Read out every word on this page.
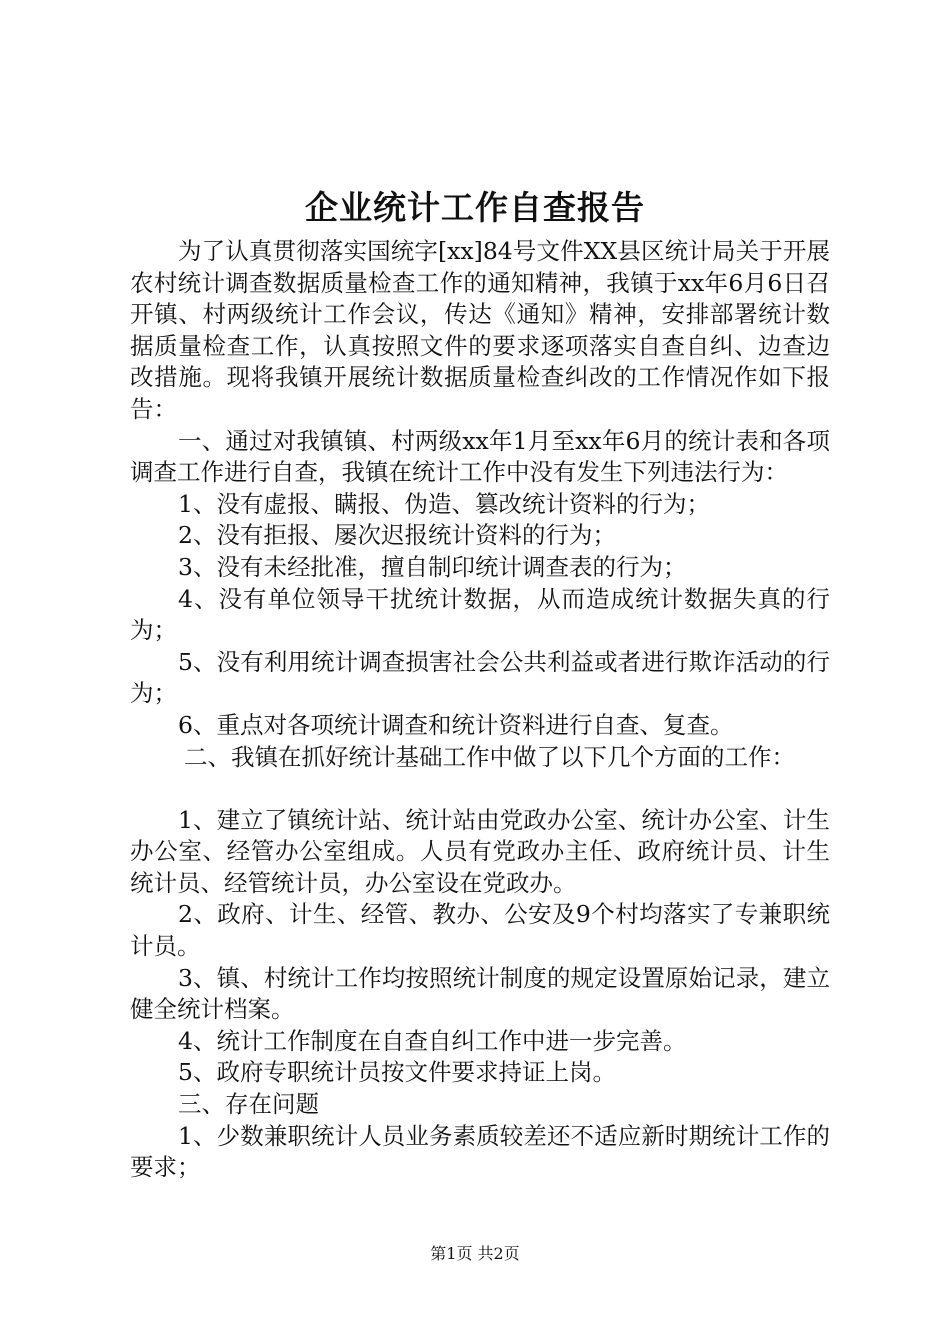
企业统计工作自查报告

为了认真贯彻落实国统字[xx]84号文件XX县区统计局关于开展农村统计调查数据质量检查工作的通知精神，我镇于xx年6月6日召开镇、村两级统计工作会议，传达《通知》精神，安排部署统计数据质量检查工作，认真按照文件的要求逐项落实自查自纠、边查边改措施。现将我镇开展统计数据质量检查纠改的工作情况作如下报告：

一、通过对我镇镇、村两级xx年1月至xx年6月的统计表和各项调查工作进行自查，我镇在统计工作中没有发生下列违法行为：

1、没有虚报、瞒报、伪造、篡改统计资料的行为；

2、没有拒报、屡次迟报统计资料的行为；

3、没有未经批准，擅自制印统计调查表的行为；

4、没有单位领导干扰统计数据，从而造成统计数据失真的行为；

5、没有利用统计调查损害社会公共利益或者进行欺诈活动的行为；

6、重点对各项统计调查和统计资料进行自查、复查。

二、我镇在抓好统计基础工作中做了以下几个方面的工作：

1、建立了镇统计站、统计站由党政办公室、统计办公室、计生办公室、经管办公室组成。人员有党政办主任、政府统计员、计生统计员、经管统计员，办公室设在党政办。

2、政府、计生、经管、教办、公安及9个村均落实了专兼职统计员。

3、镇、村统计工作均按照统计制度的规定设置原始记录，建立健全统计档案。

4、统计工作制度在自查自纠工作中进一步完善。

5、政府专职统计员按文件要求持证上岗。

三、存在问题

1、少数兼职统计人员业务素质较差还不适应新时期统计工作的要求；

第1页 共2页
